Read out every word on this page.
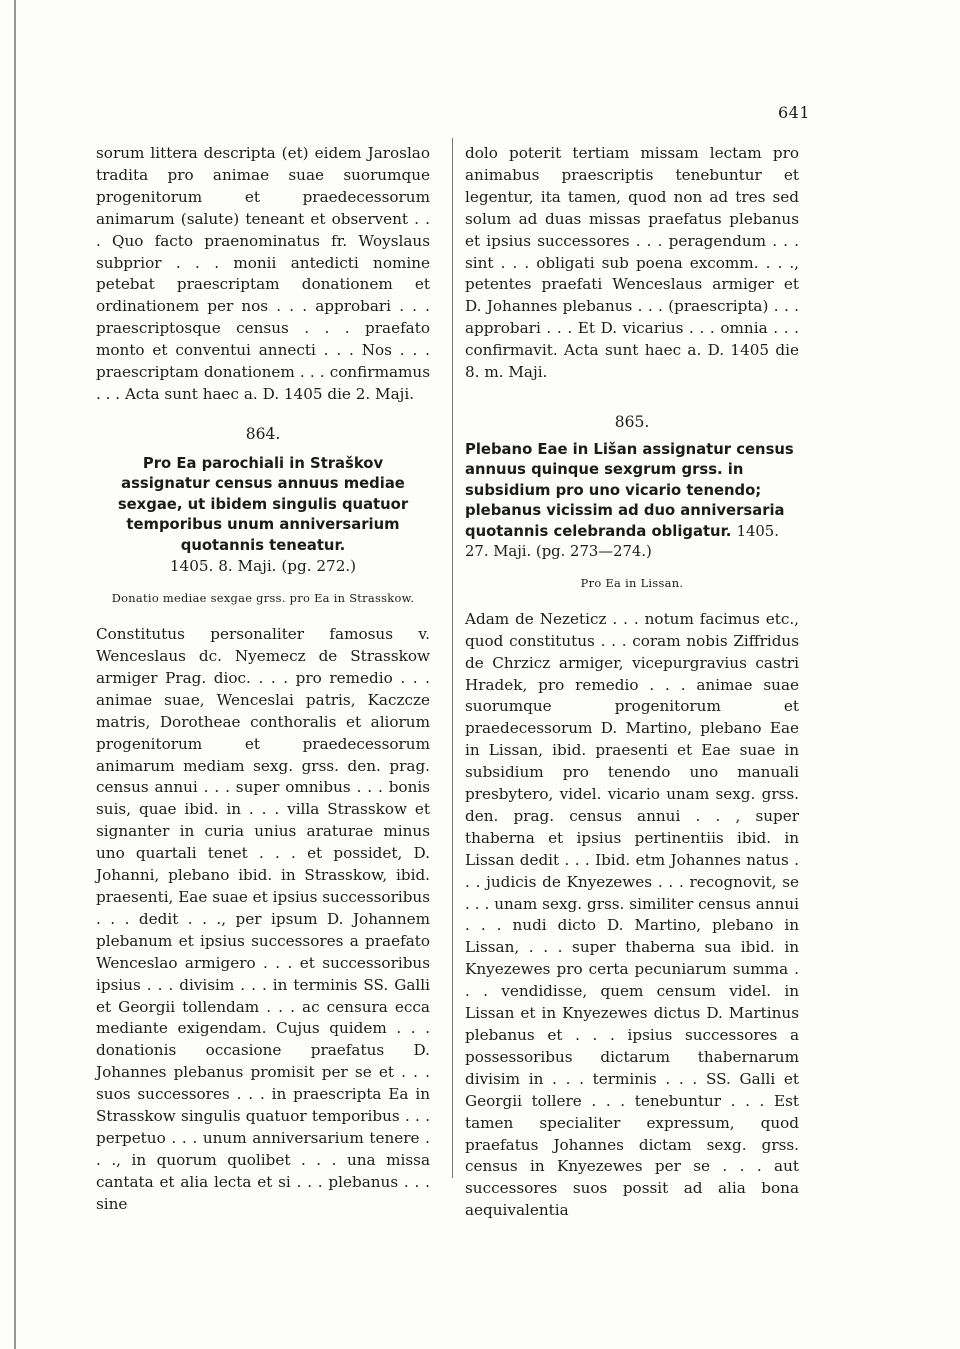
641

sorum littera descripta (et) eidem Jaroslao tradita pro animae suae suorumque progenitorum et praedecessorum animarum (salute) teneant et observent . . . Quo facto praenominatus fr. Woyslaus subprior . . . monii antedicti nomine petebat praescriptam donationem et ordinationem per nos . . . approbari . . . praescriptosque census . . . praefato monto et conventui annecti . . . Nos . . . praescriptam donationem . . . confirmamus . . . Acta sunt haec a. D. 1405 die 2. Maji.

864.
Pro Ea parochiali in Straškov assignatur census annuus mediae sexgae, ut ibidem singulis quatuor temporibus unum anniversarium quotannis teneatur.
1405. 8. Maji. (pg. 272.)
Donatio mediae sexgae grss. pro Ea in Strasskow.

Constitutus personaliter famosus v. Wenceslaus dc. Nyemecz de Strasskow armiger Prag. dioc. . . . pro remedio . . . animae suae, Wenceslai patris, Kaczcze matris, Dorotheae conthoralis et aliorum progenitorum et praedecessorum animarum mediam sexg. grss. den. prag. census annui . . . super omnibus . . . bonis suis, quae ibid. in . . . villa Strasskow et signanter in curia unius araturae minus uno quartali tenet . . . et possidet, D. Johanni, plebano ibid. in Strasskow, ibid. praesenti, Eae suae et ipsius successoribus . . . dedit . . ., per ipsum D. Johannem plebanum et ipsius successores a praefato Wenceslao armigero . . . et successoribus ipsius . . . divisim . . . in terminis SS. Galli et Georgii tollendam . . . ac censura ecca mediante exigendam. Cujus quidem . . . donationis occasione praefatus D. Johannes plebanus promisit per se et . . . suos successores . . . in praescripta Ea in Strasskow singulis quatuor temporibus . . . perpetuo . . . unum anniversarium tenere . . ., in quorum quolibet . . . una missa cantata et alia lecta et si . . . plebanus . . . sine

dolo poterit tertiam missam lectam pro animabus praescriptis tenebuntur et legentur, ita tamen, quod non ad tres sed solum ad duas missas praefatus plebanus et ipsius successores . . . peragendum . . . sint . . . obligati sub poena excomm. . . ., petentes praefati Wenceslaus armiger et D. Johannes plebanus . . . (praescripta) . . . approbari . . . Et D. vicarius . . . omnia . . . confirmavit. Acta sunt haec a. D. 1405 die 8. m. Maji.

865.
Plebano Eae in Lišan assignatur census annuus quinque sexgrum grss. in subsidium pro uno vicario tenendo; plebanus vicissim ad duo anniversaria quotannis celebranda obligatur. 1405. 27. Maji. (pg. 273—274.)
Pro Ea in Lissan.

Adam de Nezeticz . . . notum facimus etc., quod constitutus . . . coram nobis Ziffridus de Chrzicz armiger, vicepurgravius castri Hradek, pro remedio . . . animae suae suorumque progenitorum et praedecessorum D. Martino, plebano Eae in Lissan, ibid. praesenti et Eae suae in subsidium pro tenendo uno manuali presbytero, videl. vicario unam sexg. grss. den. prag. census annui . . , super thaberna et ipsius pertinentiis ibid. in Lissan dedit . . . Ibid. etm Johannes natus . . . judicis de Knyezewes . . . recognovit, se . . . unam sexg. grss. similiter census annui . . . nudi dicto D. Martino, plebano in Lissan, . . . super thaberna sua ibid. in Knyezewes pro certa pecuniarum summa . . . vendidisse, quem censum videl. in Lissan et in Knyezewes dictus D. Martinus plebanus et . . . ipsius successores a possessoribus dictarum thabernarum divisim in . . . terminis . . . SS. Galli et Georgii tollere . . . tenebuntur . . . Est tamen specialiter expressum, quod praefatus Johannes dictam sexg. grss. census in Knyezewes per se . . . aut successores suos possit ad alia bona aequivalentia
